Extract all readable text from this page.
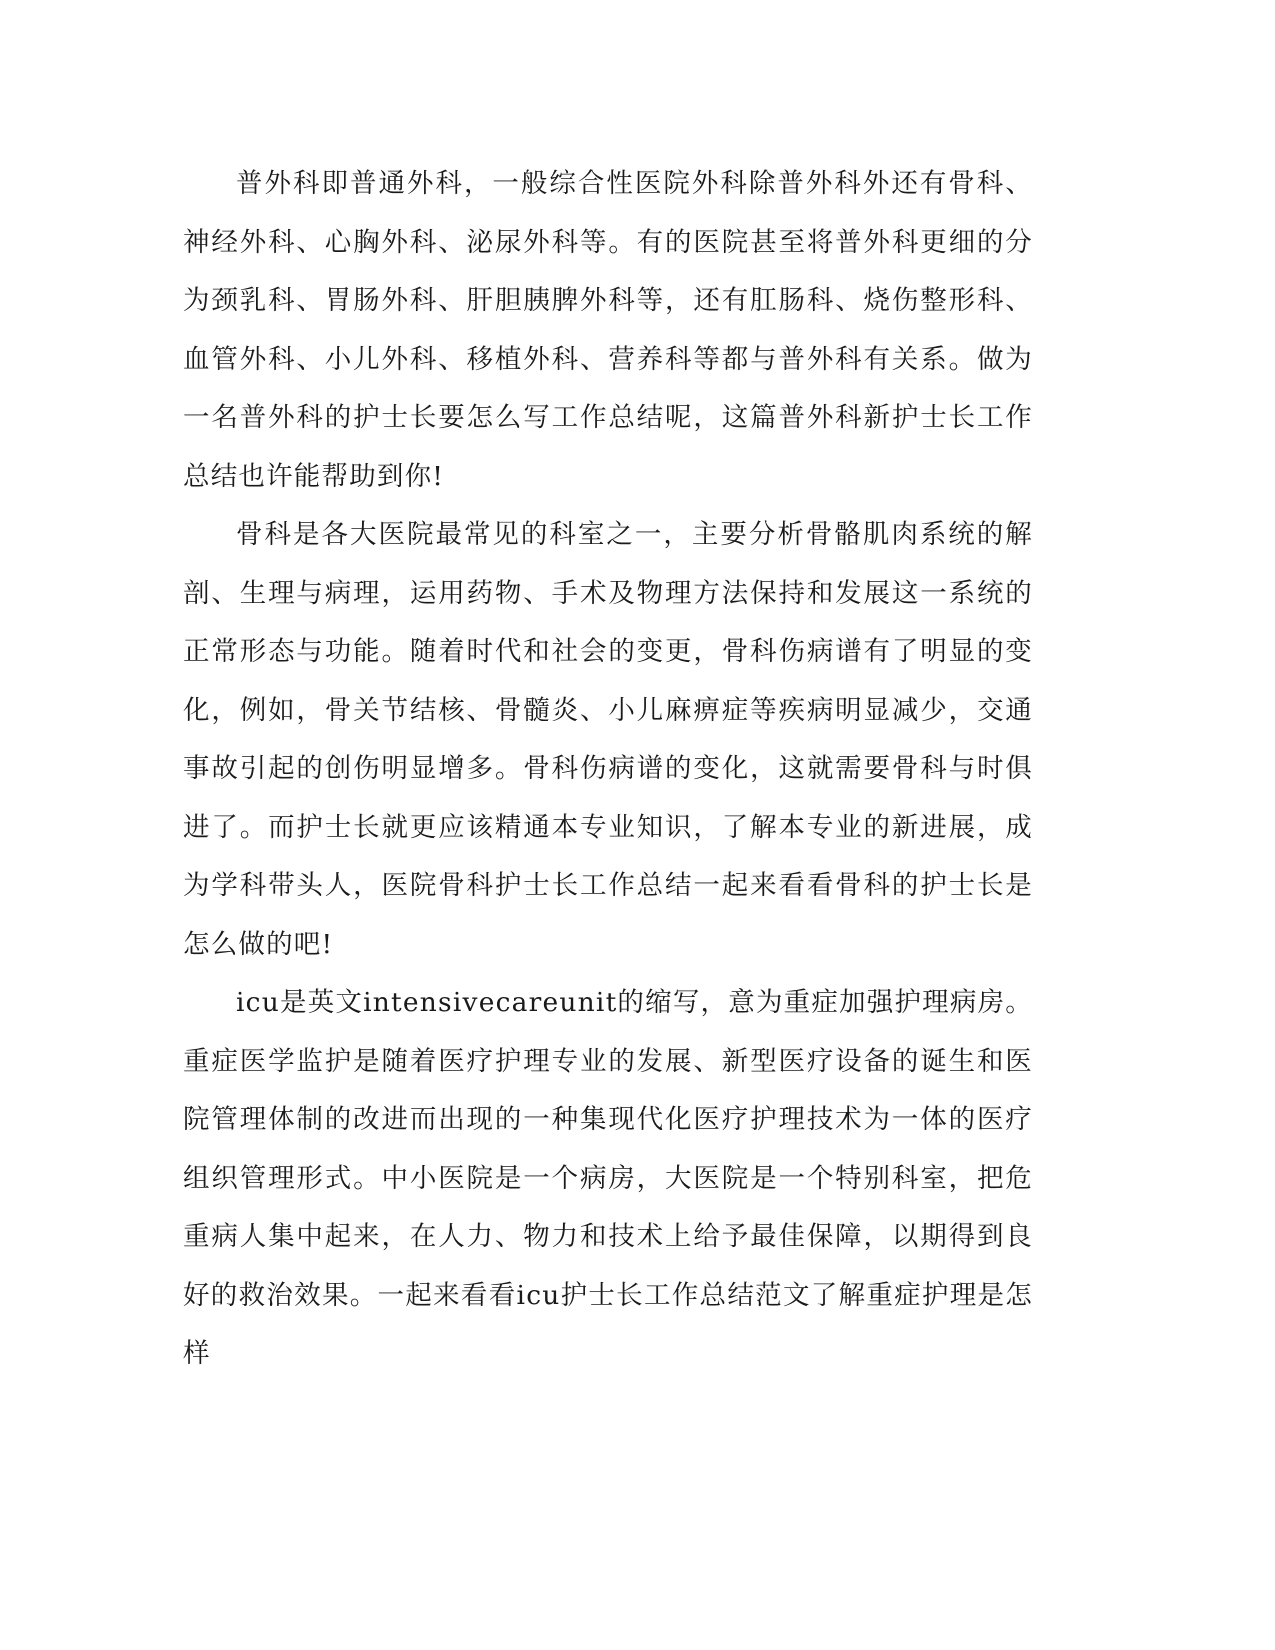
普外科即普通外科，一般综合性医院外科除普外科外还有骨科、神经外科、心胸外科、泌尿外科等。有的医院甚至将普外科更细的分为颈乳科、胃肠外科、肝胆胰脾外科等，还有肛肠科、烧伤整形科、血管外科、小儿外科、移植外科、营养科等都与普外科有关系。做为一名普外科的护士长要怎么写工作总结呢，这篇普外科新护士长工作总结也许能帮助到你!

骨科是各大医院最常见的科室之一，主要分析骨骼肌肉系统的解剖、生理与病理，运用药物、手术及物理方法保持和发展这一系统的正常形态与功能。随着时代和社会的变更，骨科伤病谱有了明显的变化，例如，骨关节结核、骨髓炎、小儿麻痹症等疾病明显减少，交通事故引起的创伤明显增多。骨科伤病谱的变化，这就需要骨科与时俱进了。而护士长就更应该精通本专业知识，了解本专业的新进展，成为学科带头人，医院骨科护士长工作总结一起来看看骨科的护士长是怎么做的吧!

icu是英文intensivecareunit的缩写，意为重症加强护理病房。重症医学监护是随着医疗护理专业的发展、新型医疗设备的诞生和医院管理体制的改进而出现的一种集现代化医疗护理技术为一体的医疗组织管理形式。中小医院是一个病房，大医院是一个特别科室，把危重病人集中起来，在人力、物力和技术上给予最佳保障，以期得到良好的救治效果。一起来看看icu护士长工作总结范文了解重症护理是怎样
